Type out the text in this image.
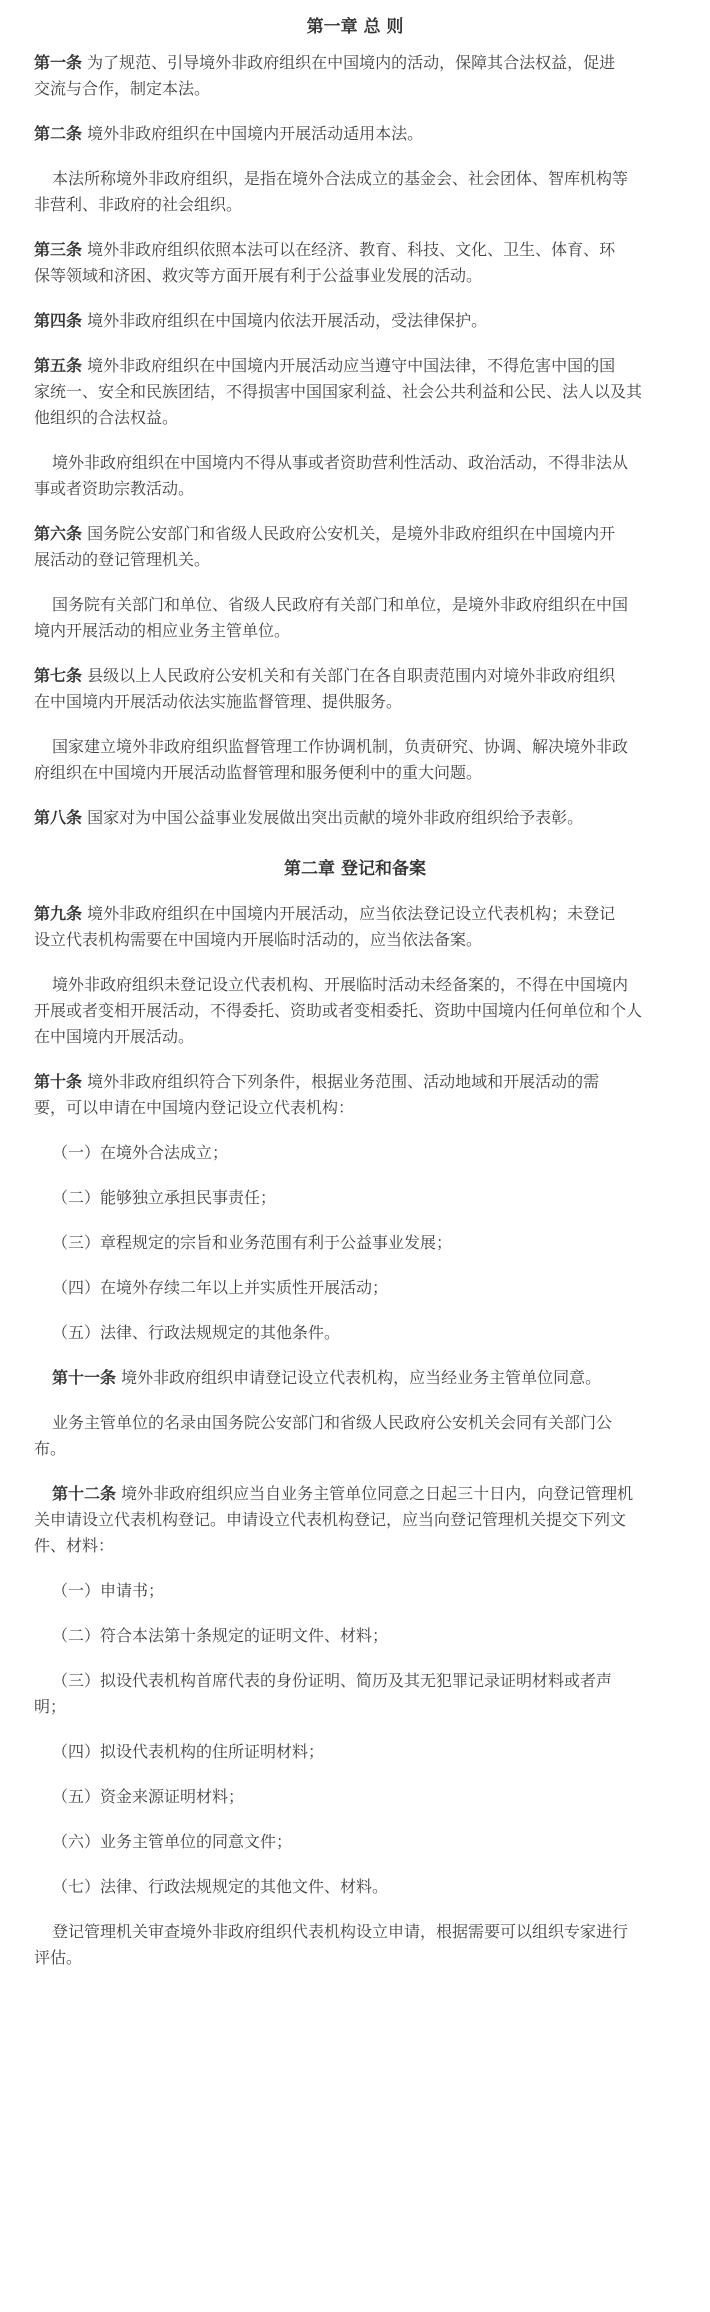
第一章 总 则
第一条 为了规范、引导境外非政府组织在中国境内的活动，保障其合法权益，促进
交流与合作，制定本法。
第二条 境外非政府组织在中国境内开展活动适用本法。
本法所称境外非政府组织，是指在境外合法成立的基金会、社会团体、智库机构等
非营利、非政府的社会组织。
第三条 境外非政府组织依照本法可以在经济、教育、科技、文化、卫生、体育、环
保等领域和济困、救灾等方面开展有利于公益事业发展的活动。
第四条 境外非政府组织在中国境内依法开展活动，受法律保护。
第五条 境外非政府组织在中国境内开展活动应当遵守中国法律，不得危害中国的国
家统一、安全和民族团结，不得损害中国国家利益、社会公共利益和公民、法人以及其
他组织的合法权益。
境外非政府组织在中国境内不得从事或者资助营利性活动、政治活动，不得非法从
事或者资助宗教活动。
第六条 国务院公安部门和省级人民政府公安机关，是境外非政府组织在中国境内开
展活动的登记管理机关。
国务院有关部门和单位、省级人民政府有关部门和单位，是境外非政府组织在中国
境内开展活动的相应业务主管单位。
第七条 县级以上人民政府公安机关和有关部门在各自职责范围内对境外非政府组织
在中国境内开展活动依法实施监督管理、提供服务。
国家建立境外非政府组织监督管理工作协调机制，负责研究、协调、解决境外非政
府组织在中国境内开展活动监督管理和服务便利中的重大问题。
第八条 国家对为中国公益事业发展做出突出贡献的境外非政府组织给予表彰。
第二章 登记和备案
第九条 境外非政府组织在中国境内开展活动，应当依法登记设立代表机构；未登记
设立代表机构需要在中国境内开展临时活动的，应当依法备案。
境外非政府组织未登记设立代表机构、开展临时活动未经备案的，不得在中国境内
开展或者变相开展活动，不得委托、资助或者变相委托、资助中国境内任何单位和个人
在中国境内开展活动。
第十条 境外非政府组织符合下列条件，根据业务范围、活动地域和开展活动的需
要，可以申请在中国境内登记设立代表机构：
（一）在境外合法成立；
（二）能够独立承担民事责任；
（三）章程规定的宗旨和业务范围有利于公益事业发展；
（四）在境外存续二年以上并实质性开展活动；
（五）法律、行政法规规定的其他条件。
第十一条 境外非政府组织申请登记设立代表机构，应当经业务主管单位同意。
业务主管单位的名录由国务院公安部门和省级人民政府公安机关会同有关部门公
布。
第十二条 境外非政府组织应当自业务主管单位同意之日起三十日内，向登记管理机
关申请设立代表机构登记。申请设立代表机构登记，应当向登记管理机关提交下列文
件、材料：
（一）申请书；
（二）符合本法第十条规定的证明文件、材料；
（三）拟设代表机构首席代表的身份证明、简历及其无犯罪记录证明材料或者声
明；
（四）拟设代表机构的住所证明材料；
（五）资金来源证明材料；
（六）业务主管单位的同意文件；
（七）法律、行政法规规定的其他文件、材料。
登记管理机关审查境外非政府组织代表机构设立申请，根据需要可以组织专家进行
评估。
